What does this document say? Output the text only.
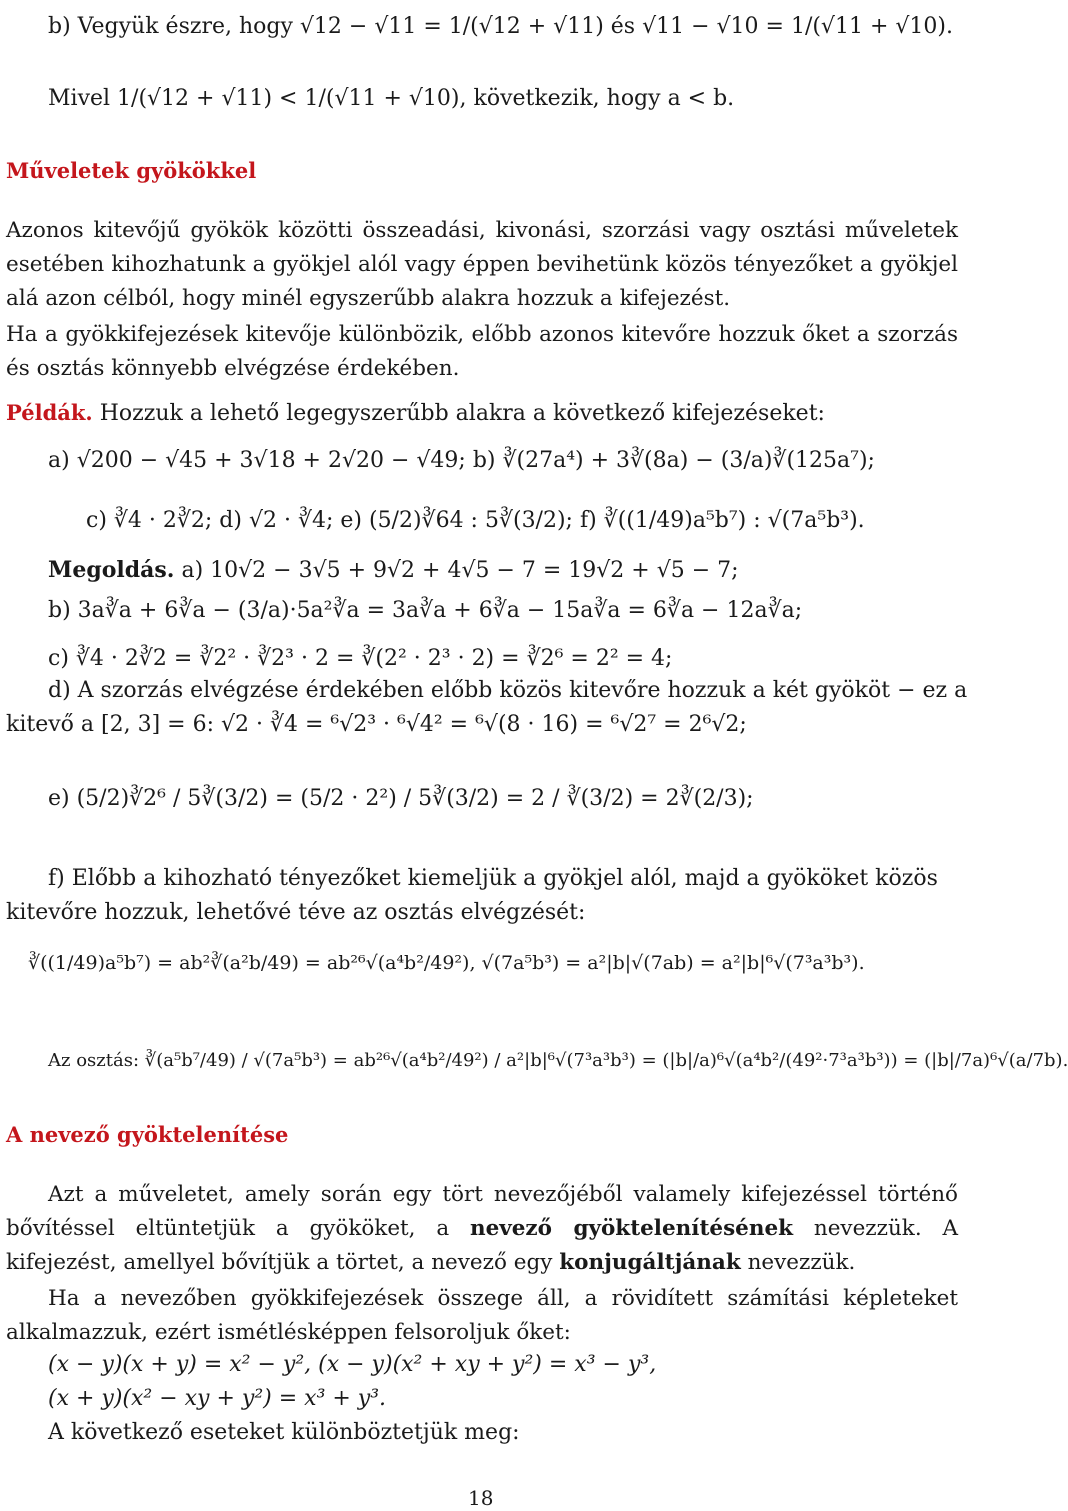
b) Vegyük észre, hogy √12 − √11 = 1/(√12 + √11) és √11 − √10 = 1/(√11 + √10).
Mivel 1/(√12 + √11) < 1/(√11 + √10), következik, hogy a < b.
Műveletek gyökökkel
Azonos kitevőjű gyökök közötti összeadási, kivonási, szorzási vagy osztási műveletek esetében kihozhatunk a gyökjel alól vagy éppen bevihetünk közös tényezőket a gyökjel alá azon célból, hogy minél egyszerűbb alakra hozzuk a kifejezést.
Ha a gyökkifejezések kitevője különbözik, előbb azonos kitevőre hozzuk őket a szorzás és osztás könnyebb elvégzése érdekében.
Példák. Hozzuk a lehető legegyszerűbb alakra a következő kifejezéseket:
a) √200 − √45 + 3√18 + 2√20 − √49; b) ∛(27a⁴) + 3∛(8a) − (3/a)∛(125a⁷);
c) ∛4 · 2∛2; d) √2 · ∛4; e) (5/2)∛64 : 5∛(3/2); f) ∛((1/49)a⁵b⁷) : √(7a⁵b³).
Megoldás. a) 10√2 − 3√5 + 9√2 + 4√5 − 7 = 19√2 + √5 − 7;
b) 3a∛a + 6∛a − (3/a)·5a²∛a = 3a∛a + 6∛a − 15a∛a = 6∛a − 12a∛a;
c) ∛4 · 2∛2 = ∛2² · ∛2³ · 2 = ∛(2² · 2³ · 2) = ∛2⁶ = 2² = 4;
d) A szorzás elvégzése érdekében előbb közös kitevőre hozzuk a két gyököt − ez a
kitevő a [2, 3] = 6: √2 · ∛4 = ⁶√2³ · ⁶√4² = ⁶√(8 · 16) = ⁶√2⁷ = 2⁶√2;
e) (5/2)∛2⁶ / 5∛(3/2) = (5/2 · 2²) / 5∛(3/2) = 2 / ∛(3/2) = 2∛(2/3);
f) Előbb a kihozható tényezőket kiemeljük a gyökjel alól, majd a gyököket közös
kitevőre hozzuk, lehetővé téve az osztás elvégzését:
∛((1/49)a⁵b⁷) = ab²∛(a²b/49) = ab²⁶√(a⁴b²/49²), √(7a⁵b³) = a²|b|√(7ab) = a²|b|⁶√(7³a³b³).
Az osztás: ∛(a⁵b⁷/49) / √(7a⁵b³) = ab²⁶√(a⁴b²/49²) / a²|b|⁶√(7³a³b³) = (|b|/a)⁶√(a⁴b²/(49²·7³a³b³)) = (|b|/7a)⁶√(a/7b).
A nevező gyöktelenítése
Azt a műveletet, amely során egy tört nevezőjéből valamely kifejezéssel történő bővítéssel eltüntetjük a gyököket, a nevező gyöktelenítésének nevezzük. A kifejezést, amellyel bővítjük a törtet, a nevező egy konjugáltjának nevezzük.
Ha a nevezőben gyökkifejezések összege áll, a rövidített számítási képleteket alkalmazzuk, ezért ismétlésképpen felsoroljuk őket:
(x − y)(x + y) = x² − y², (x − y)(x² + xy + y²) = x³ − y³,
(x + y)(x² − xy + y²) = x³ + y³.
A következő eseteket különböztetjük meg:
18
